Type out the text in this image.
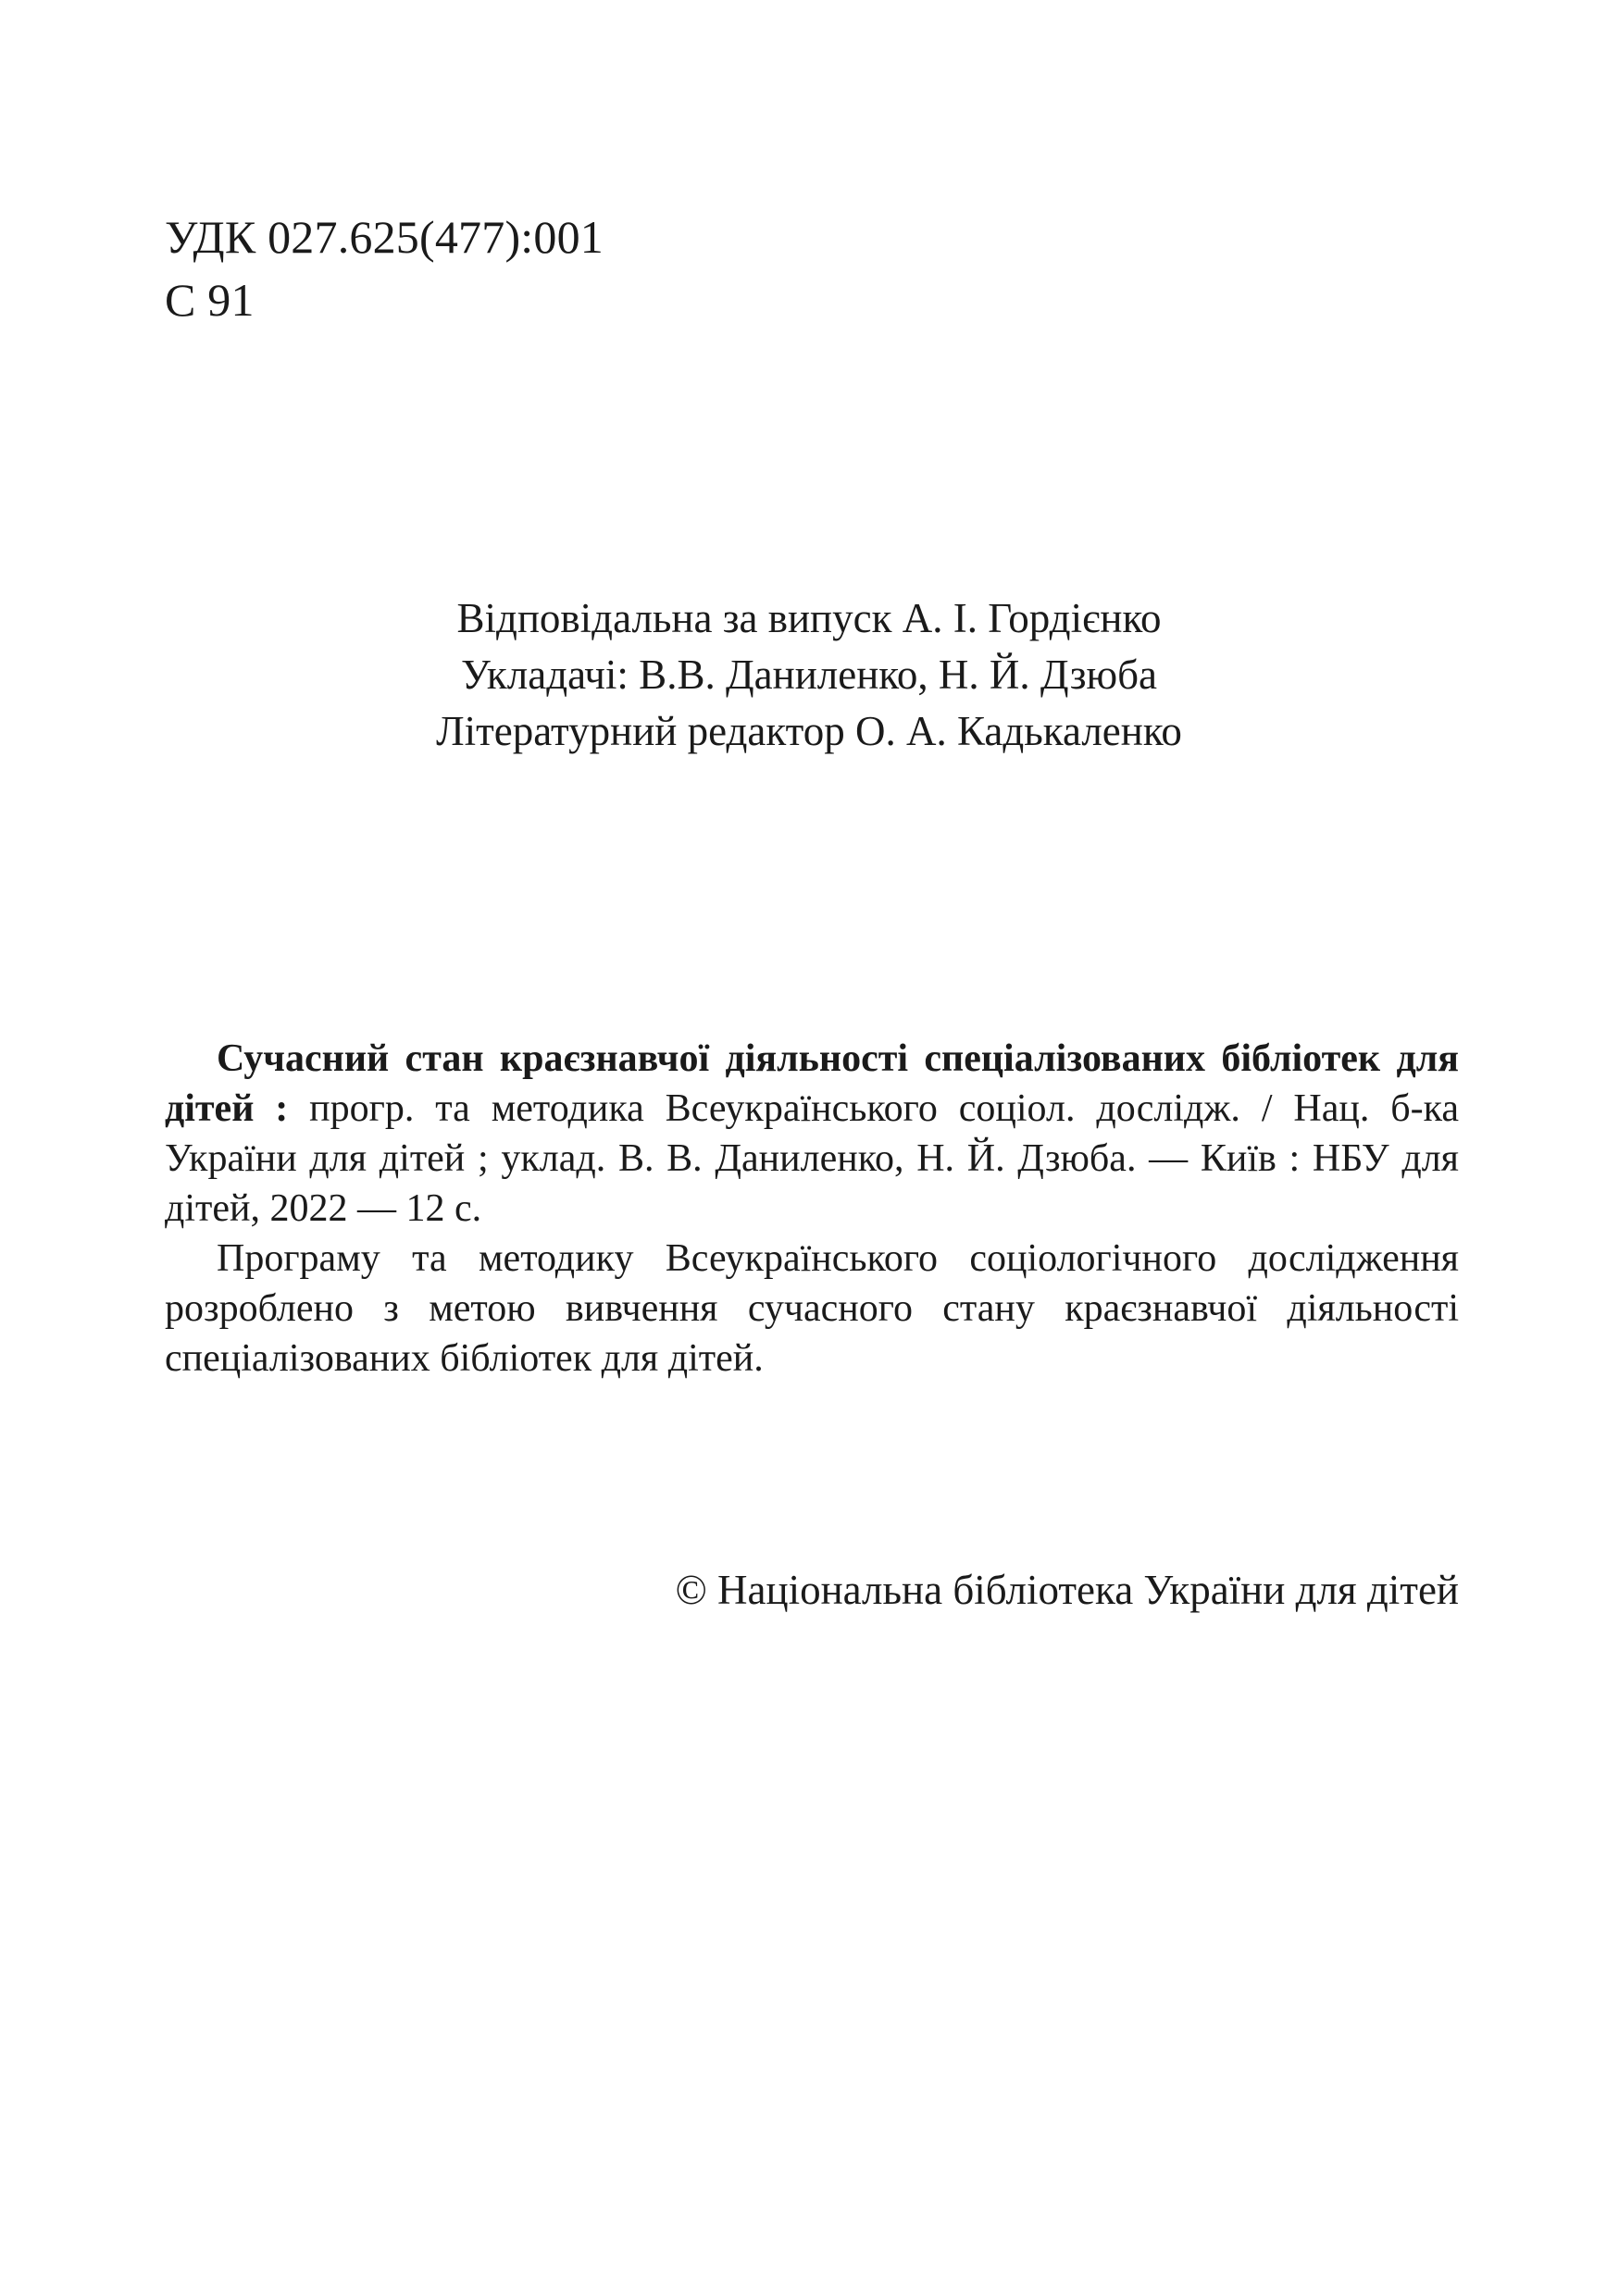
УДК 027.625(477):001
С 91
Відповідальна за випуск А. І. Гордієнко
Укладачі: В.В. Даниленко, Н. Й. Дзюба
Літературний редактор О. А. Кадькаленко

Сучасний стан краєзнавчої діяльності спеціалізованих бібліотек для дітей : прогр. та методика Всеукраїнського соціол. дослідж. / Нац. б-ка України для дітей ; уклад. В. В. Даниленко, Н. Й. Дзюба. — Київ : НБУ для дітей, 2022 — 12 с.

Програму та методику Всеукраїнського соціологічного дослідження розроблено з метою вивчення сучасного стану краєзнавчої діяльності спеціалізованих бібліотек для дітей.

© Національна бібліотека України для дітей
